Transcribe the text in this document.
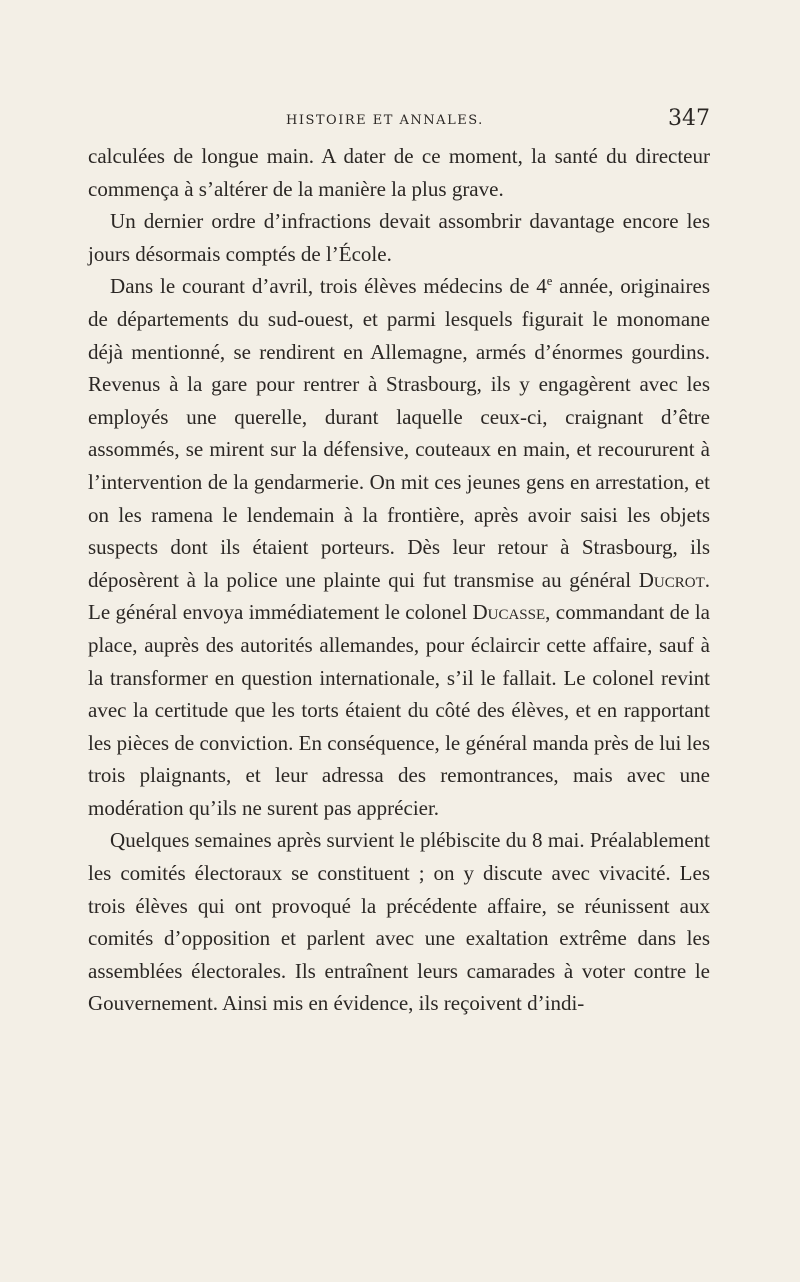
HISTOIRE ET ANNALES.	347

calculées de longue main. A dater de ce moment, la santé du directeur commença à s’altérer de la manière la plus grave.

Un dernier ordre d’infractions devait assombrir davantage encore les jours désormais comptés de l’École.

Dans le courant d’avril, trois élèves médecins de 4e année, originaires de départements du sud-ouest, et parmi lesquels figurait le monomane déjà mentionné, se rendirent en Allemagne, armés d’énormes gourdins. Revenus à la gare pour rentrer à Strasbourg, ils y engagèrent avec les employés une querelle, durant laquelle ceux-ci, craignant d’être assommés, se mirent sur la défensive, couteaux en main, et recoururent à l’intervention de la gendarmerie. On mit ces jeunes gens en arrestation, et on les ramena le lendemain à la frontière, après avoir saisi les objets suspects dont ils étaient porteurs. Dès leur retour à Strasbourg, ils déposèrent à la police une plainte qui fut transmise au général Ducrot. Le général envoya immédiatement le colonel Ducasse, commandant de la place, auprès des autorités allemandes, pour éclaircir cette affaire, sauf à la transformer en question internationale, s’il le fallait. Le colonel revint avec la certitude que les torts étaient du côté des élèves, et en rapportant les pièces de conviction. En conséquence, le général manda près de lui les trois plaignants, et leur adressa des remontrances, mais avec une modération qu’ils ne surent pas apprécier.

Quelques semaines après survient le plébiscite du 8 mai. Préalablement les comités électoraux se constituent ; on y discute avec vivacité. Les trois élèves qui ont provoqué la précédente affaire, se réunissent aux comités d’opposition et parlent avec une exaltation extrême dans les assemblées électorales. Ils entraînent leurs camarades à voter contre le Gouvernement. Ainsi mis en évidence, ils reçoivent d’indi-
